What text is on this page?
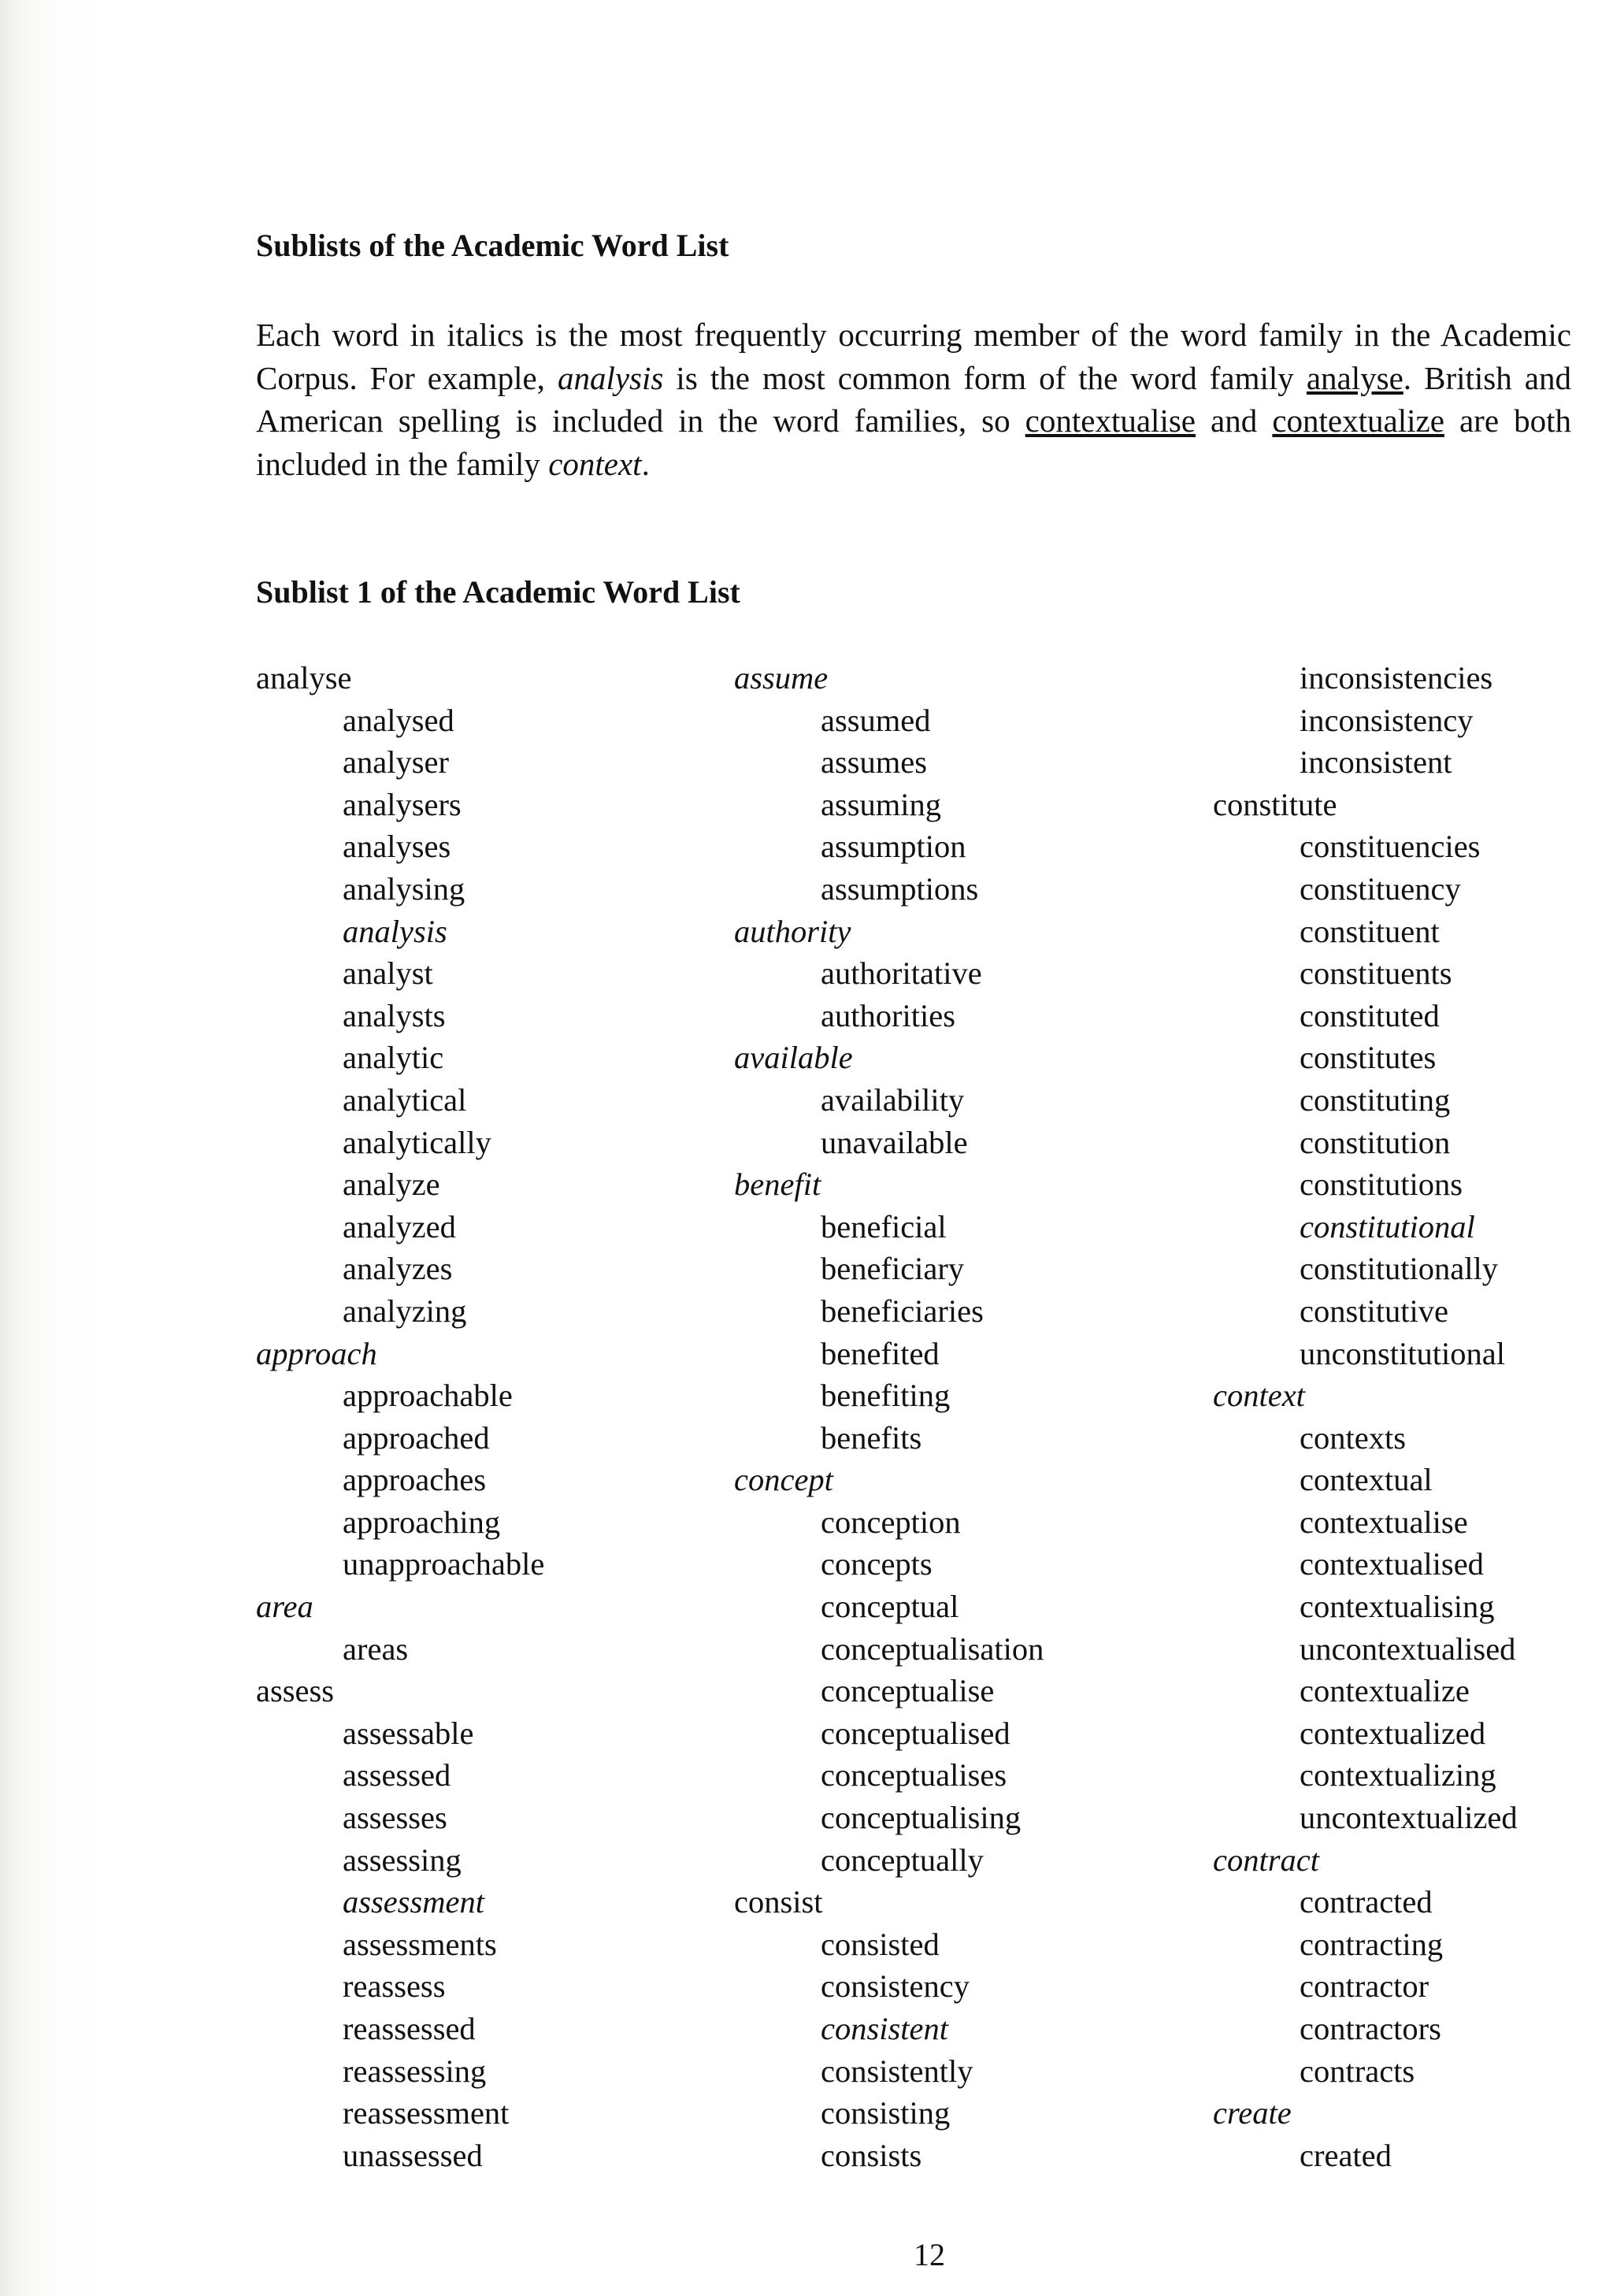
Sublists of the Academic Word List

Each word in italics is the most frequently occurring member of the word family in the Academic Corpus. For example, analysis is the most common form of the word family analyse. British and American spelling is included in the word families, so contextualise and contextualize are both included in the family context.

Sublist 1 of the Academic Word List
analyse
analysed
analyser
analysers
analyses
analysing
analysis
analyst
analysts
analytic
analytical
analytically
analyze
analyzed
analyzes
analyzing
approach
approachable
approached
approaches
approaching
unapproachable
area
areas
assess
assessable
assessed
assesses
assessing
assessment
assessments
reassess
reassessed
reassessing
reassessment
unassessed
assume
assumed
assumes
assuming
assumption
assumptions
authority
authoritative
authorities
available
availability
unavailable
benefit
beneficial
beneficiary
beneficiaries
benefited
benefiting
benefits
concept
conception
concepts
conceptual
conceptualisation
conceptualise
conceptualised
conceptualises
conceptualising
conceptually
consist
consisted
consistency
consistent
consistently
consisting
consists
inconsistencies
inconsistency
inconsistent
constitute
constituencies
constituency
constituent
constituents
constituted
constitutes
constituting
constitution
constitutions
constitutional
constitutionally
constitutive
unconstitutional
context
contexts
contextual
contextualise
contextualised
contextualising
uncontextualised
contextualize
contextualized
contextualizing
uncontextualized
contract
contracted
contracting
contractor
contractors
contracts
create
created
12
